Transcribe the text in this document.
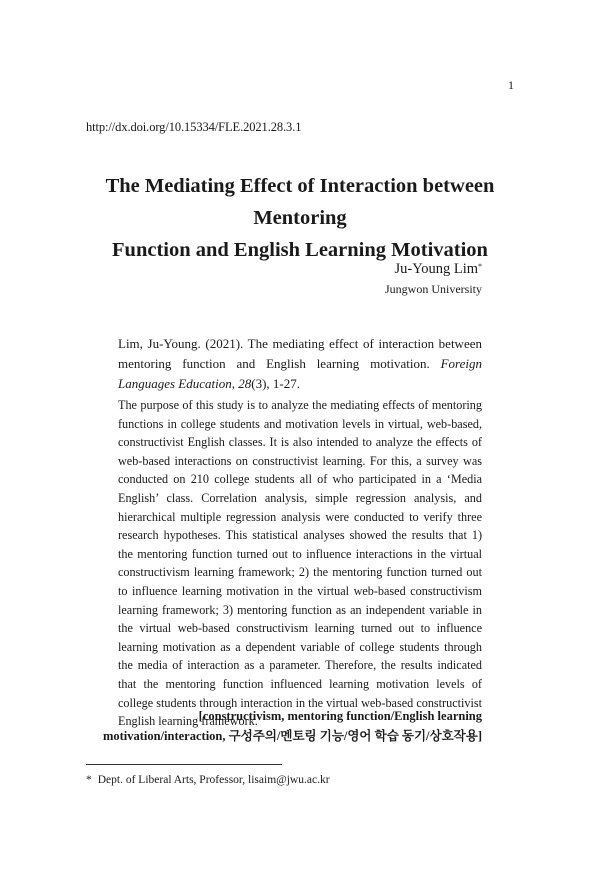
1
http://dx.doi.org/10.15334/FLE.2021.28.3.1
The Mediating Effect of Interaction between Mentoring
Function and English Learning Motivation
Ju-Young Lim*
Jungwon University
Lim, Ju-Young. (2021). The mediating effect of interaction between mentoring function and English learning motivation. Foreign Languages Education, 28(3), 1-27.
The purpose of this study is to analyze the mediating effects of mentoring functions in college students and motivation levels in virtual, web-based, constructivist English classes. It is also intended to analyze the effects of web-based interactions on constructivist learning. For this, a survey was conducted on 210 college students all of who participated in a ‘Media English’ class. Correlation analysis, simple regression analysis, and hierarchical multiple regression analysis were conducted to verify three research hypotheses. This statistical analyses showed the results that 1) the mentoring function turned out to influence interactions in the virtual constructivism learning framework; 2) the mentoring function turned out to influence learning motivation in the virtual web-based constructivism learning framework; 3) mentoring function as an independent variable in the virtual web-based constructivism learning turned out to influence learning motivation as a dependent variable of college students through the media of interaction as a parameter. Therefore, the results indicated that the mentoring function influenced learning motivation levels of college students through interaction in the virtual web-based constructivist English learning framework.
[constructivism, mentoring function/English learning
motivation/interaction, 구성주의/멘토링 기능/영어 학습 동기/상호작용]
* Dept. of Liberal Arts, Professor, lisaim@jwu.ac.kr
